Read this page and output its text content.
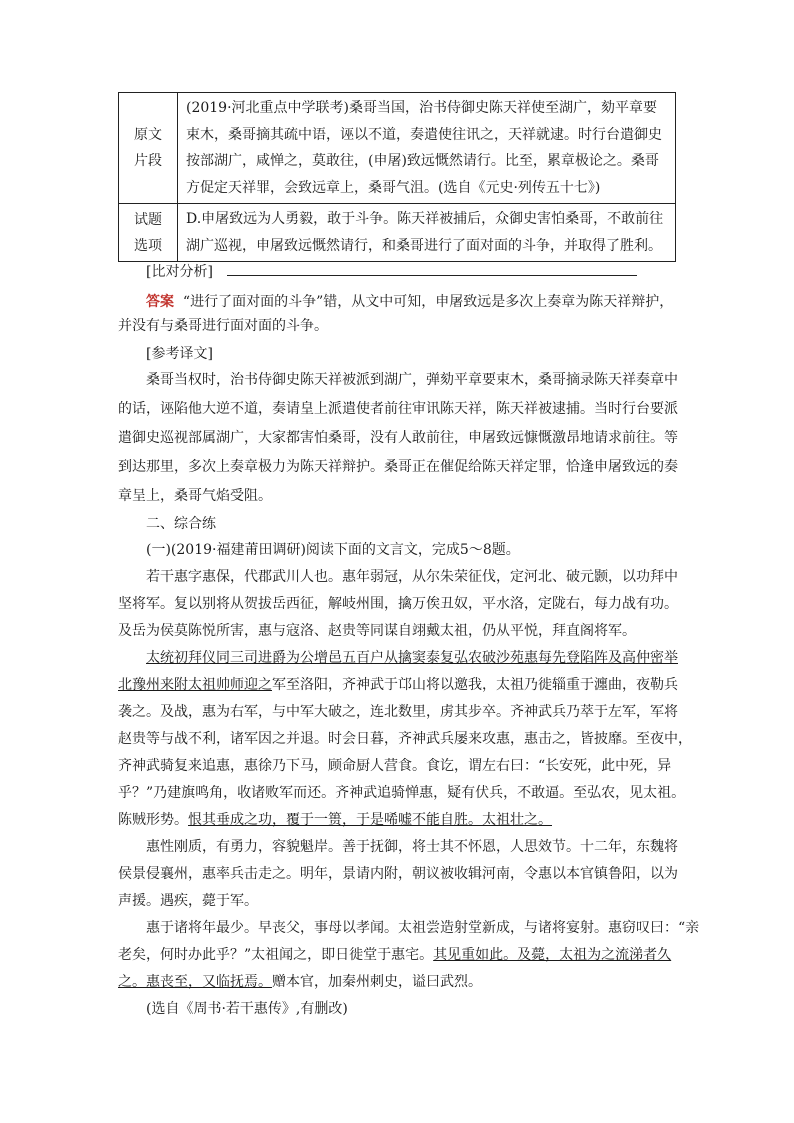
原文
片段	(2019·河北重点中学联考)桑哥当国，治书侍御史陈天祥使至湖广，劾平章要束木，桑哥摘其疏中语，诬以不道，奏遣使往讯之，天祥就逮。时行台遣御史按部湖广，咸惮之，莫敢往，(申屠)致远慨然请行。比至，累章极论之。桑哥方促定天祥罪，会致远章上，桑哥气沮。(选自《元史·列传五十七》)

试题
选项	D.申屠致远为人勇毅，敢于斗争。陈天祥被捕后，众御史害怕桑哥，不敢前往湖广巡视，申屠致远慨然请行，和桑哥进行了面对面的斗争，并取得了胜利。
[比对分析]
答案 “进行了面对面的斗争”错，从文中可知，申屠致远是多次上奏章为陈天祥辩护，
并没有与桑哥进行面对面的斗争。
[参考译文]
桑哥当权时，治书侍御史陈天祥被派到湖广，弹劾平章要束木，桑哥摘录陈天祥奏章中
的话，诬陷他大逆不道，奏请皇上派遣使者前往审讯陈天祥，陈天祥被逮捕。当时行台要派
遣御史巡视部属湖广，大家都害怕桑哥，没有人敢前往，申屠致远慷慨激昂地请求前往。等
到达那里，多次上奏章极力为陈天祥辩护。桑哥正在催促给陈天祥定罪，恰逢申屠致远的奏
章呈上，桑哥气焰受阻。
二、综合练
(一)(2019·福建莆田调研)阅读下面的文言文，完成5～8题。
若干惠字惠保，代郡武川人也。惠年弱冠，从尔朱荣征伐，定河北、破元颢，以功拜中
坚将军。复以别将从贺拔岳西征，解岐州围，擒万俟丑奴，平水洛，定陇右，每力战有功。
及岳为侯莫陈悦所害，惠与寇洛、赵贵等同谋自翊戴太祖，仍从平悦，拜直阁将军。
太统初拜仪同三司进爵为公增邑五百户从擒窦泰复弘农破沙苑惠每先登陷阵及高仲密举
北豫州来附太祖帅师迎之军至洛阳，齐神武于邙山将以邀我，太祖乃徙辎重于瀍曲，夜勒兵
袭之。及战，惠为右军，与中军大破之，连北数里，虏其步卒。齐神武兵乃萃于左军，军将
赵贵等与战不利，诸军因之并退。时会日暮，齐神武兵屡来攻惠，惠击之，皆披靡。至夜中，
齐神武骑复来追惠，惠徐乃下马，顾命厨人营食。食讫，谓左右曰：“长安死，此中死，异
乎？”乃建旗鸣角，收诸败军而还。齐神武追骑惮惠，疑有伏兵，不敢逼。至弘农，见太祖。
陈贼形势。恨其垂成之功，覆于一篑，于是唏嘘不能自胜。太祖壮之。
惠性刚质，有勇力，容貌魁岸。善于抚御，将士其不怀恩，人思效节。十二年，东魏将
侯景侵襄州，惠率兵击走之。明年，景请内附，朝议被收辑河南，令惠以本官镇鲁阳，以为
声援。遇疾，薨于军。
惠于诸将年最少。早丧父，事母以孝闻。太祖尝造射堂新成，与诸将宴射。惠窃叹曰：“亲
老矣，何时办此乎？”太祖闻之，即日徙堂于惠宅。其见重如此。及薨，太祖为之流涕者久
之。惠丧至，又临抚焉。赠本官，加秦州刺史，谥曰武烈。
(选自《周书·若干惠传》,有删改)
